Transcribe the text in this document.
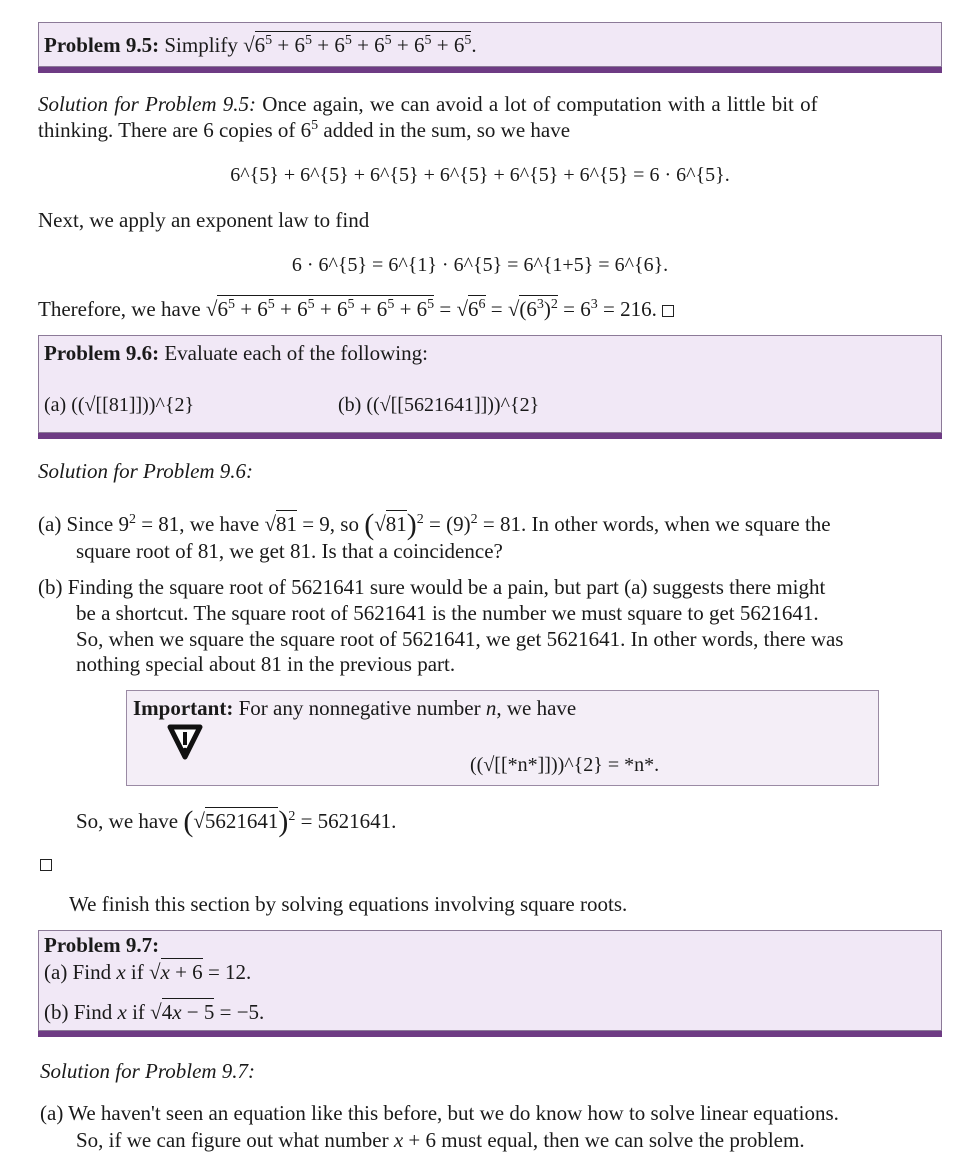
Problem 9.5: Simplify $√6^5 + 6^5 + 6^5 + 6^5 + 6^5 + 6^5$.
Solution for Problem 9.5: Once again, we can avoid a lot of computation with a little bit of
thinking. There are 6 copies of $6^5$ added in the sum, so we have
6^{5} + 6^{5} + 6^{5} + 6^{5} + 6^{5} + 6^{5} = 6 · 6^{5}.
Next, we apply an exponent law to find
6 · 6^{5} = 6^{1} · 6^{5} = 6^{1+5} = 6^{6}.
Therefore, we have $√6^5 + 6^5 + 6^5 + 6^5 + 6^5 + 6^5 = √6^6 = √(6^3)^2 = 6^3 = 216$.
Problem 9.6: Evaluate each of the following:
(a) ((√[[81]]))^{2}	(b) ((√[[5621641]]))^{2}
Solution for Problem 9.6:
(a) Since $9^2 = 81$, we have √81 = 9, so $(√81)^2 = (9)^2 = 81$. In other words, when we square the
square root of 81, we get 81. Is that a coincidence?
(b) Finding the square root of 5621641 sure would be a pain, but part (a) suggests there might
be a shortcut. The square root of 5621641 is the number we must square to get 5621641.
So, when we square the square root of 5621641, we get 5621641. In other words, there was
nothing special about 81 in the previous part.
Important: For any nonnegative number n, we have
((√[[*n*]]))^{2} = *n*.
So, we have $(√5621641)^2 = 5621641$.
We finish this section by solving equations involving square roots.
Problem 9.7:
(a) Find x if √x + 6 = 12.
(b) Find x if √4x − 5 = −5.
Solution for Problem 9.7:
(a) We haven't seen an equation like this before, but we do know how to solve linear equations.
So, if we can figure out what number x + 6 must equal, then we can solve the problem.
